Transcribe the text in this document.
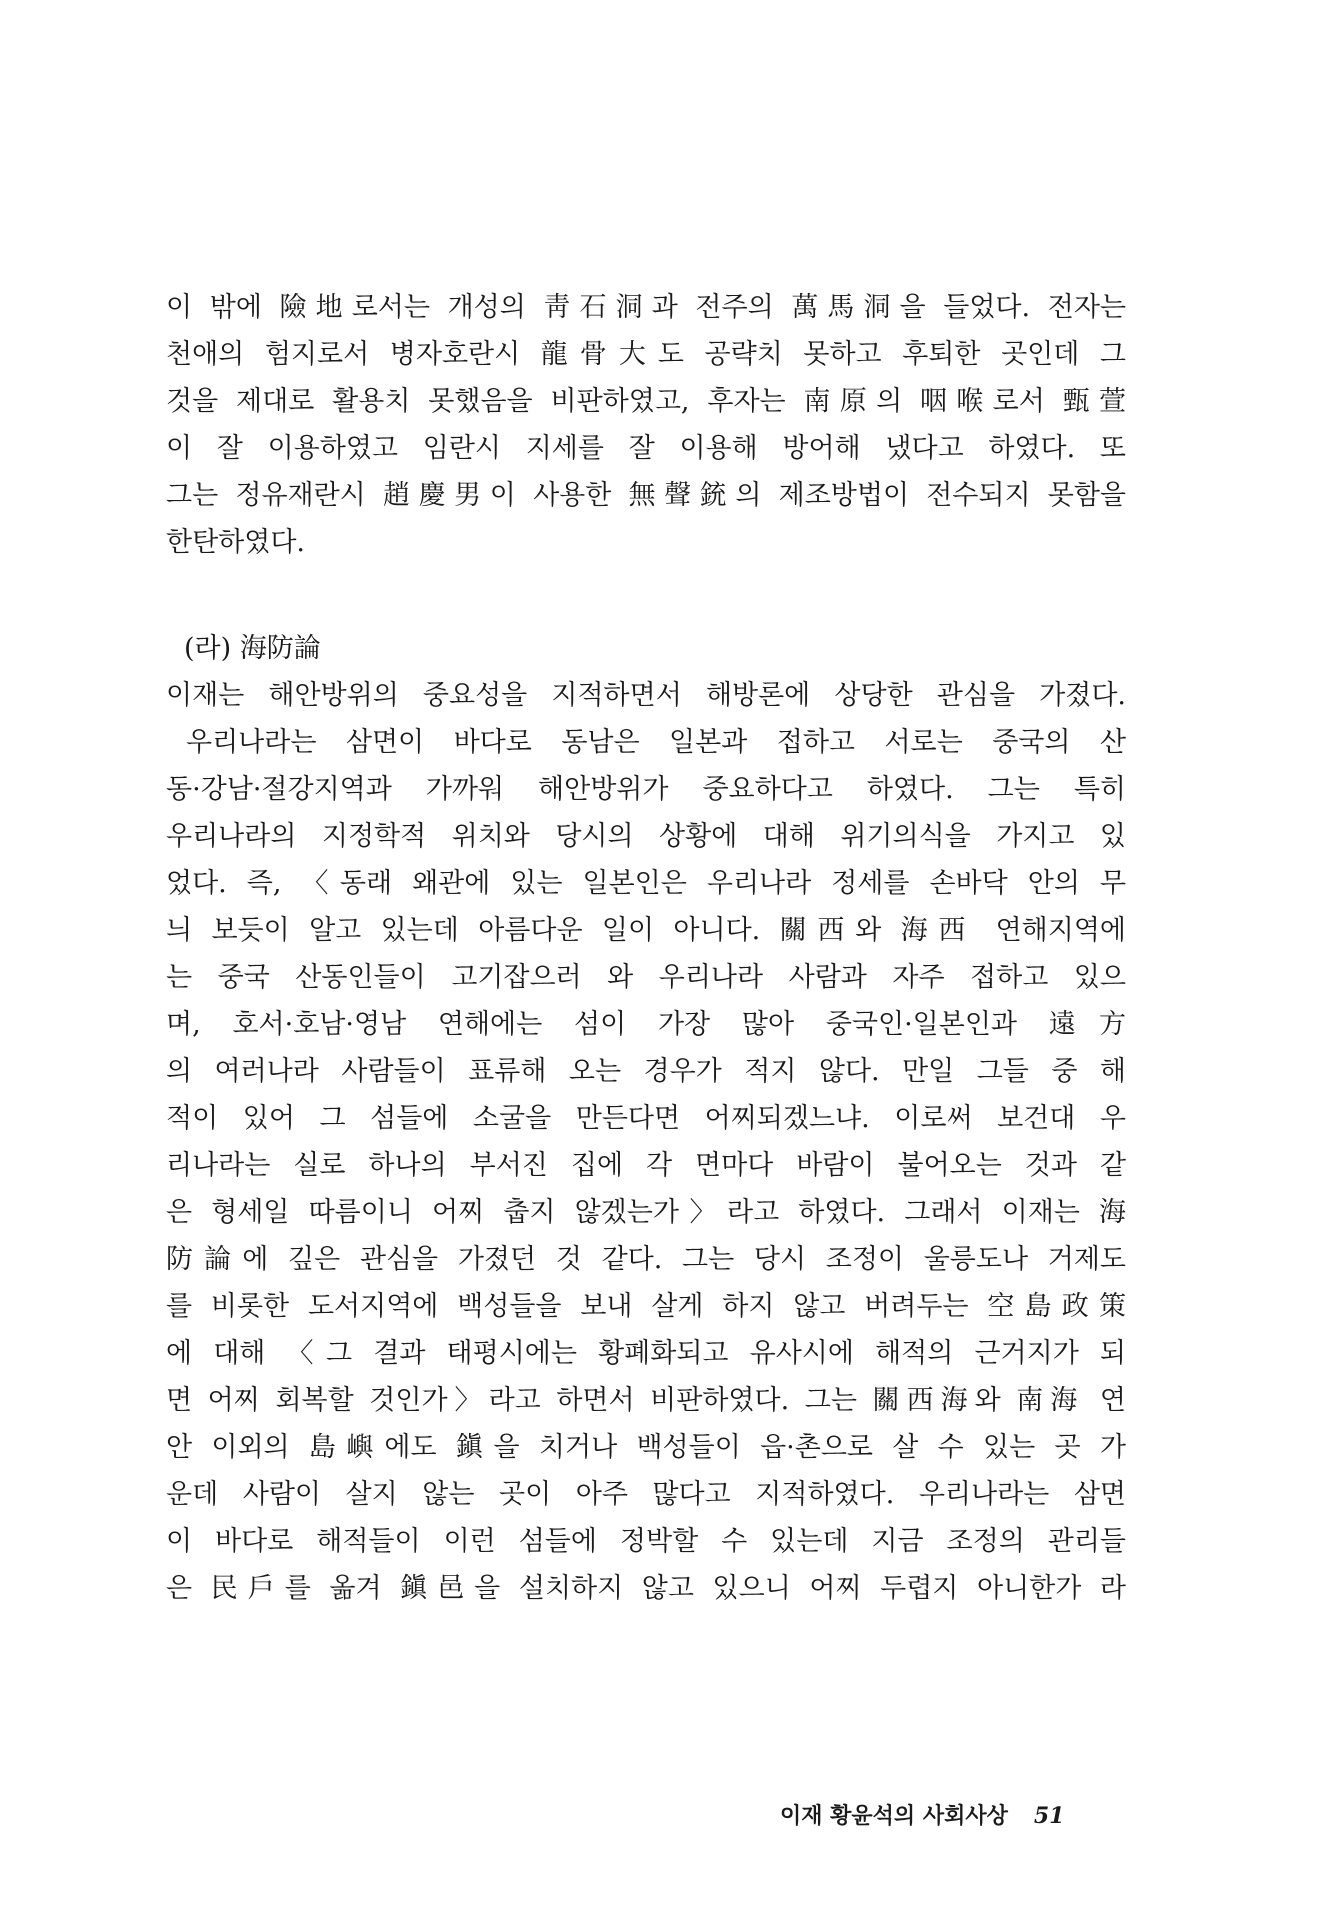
이 밖에 險地로서는 개성의 靑石洞과 전주의 萬馬洞을 들었다. 전자는
천애의 험지로서 병자호란시 龍骨大도 공략치 못하고 후퇴한 곳인데 그
것을 제대로 활용치 못했음을 비판하였고, 후자는 南原의 咽喉로서 甄萱
이 잘 이용하였고 임란시 지세를 잘 이용해 방어해 냈다고 하였다. 또
그는 정유재란시 趙慶男이 사용한 無聲銃의 제조방법이 전수되지 못함을
한탄하였다.
(라) 海防論
이재는 해안방위의 중요성을 지적하면서 해방론에 상당한 관심을 가졌다.
우리나라는 삼면이 바다로 동남은 일본과 접하고 서로는 중국의 산
동·강남·절강지역과 가까워 해안방위가 중요하다고 하였다. 그는 특히
우리나라의 지정학적 위치와 당시의 상황에 대해 위기의식을 가지고 있
었다. 즉, 〈동래 왜관에 있는 일본인은 우리나라 정세를 손바닥 안의 무
늬 보듯이 알고 있는데 아름다운 일이 아니다. 關西와 海西 연해지역에
는 중국 산동인들이 고기잡으러 와 우리나라 사람과 자주 접하고 있으
며, 호서·호남·영남 연해에는 섬이 가장 많아 중국인·일본인과 遠方
의 여러나라 사람들이 표류해 오는 경우가 적지 않다. 만일 그들 중 해
적이 있어 그 섬들에 소굴을 만든다면 어찌되겠느냐. 이로써 보건대 우
리나라는 실로 하나의 부서진 집에 각 면마다 바람이 불어오는 것과 같
은 형세일 따름이니 어찌 춥지 않겠는가〉라고 하였다. 그래서 이재는 海
防論에 깊은 관심을 가졌던 것 같다. 그는 당시 조정이 울릉도나 거제도
를 비롯한 도서지역에 백성들을 보내 살게 하지 않고 버려두는 空島政策
에 대해 〈그 결과 태평시에는 황폐화되고 유사시에 해적의 근거지가 되
면 어찌 회복할 것인가〉라고 하면서 비판하였다. 그는 關西海와 南海 연
안 이외의 島嶼에도 鎭을 치거나 백성들이 읍·촌으로 살 수 있는 곳 가
운데 사람이 살지 않는 곳이 아주 많다고 지적하였다. 우리나라는 삼면
이 바다로 해적들이 이런 섬들에 정박할 수 있는데 지금 조정의 관리들
은 民戶를 옮겨 鎭邑을 설치하지 않고 있으니 어찌 두렵지 아니한가 라
이재 황윤석의 사회사상 51
